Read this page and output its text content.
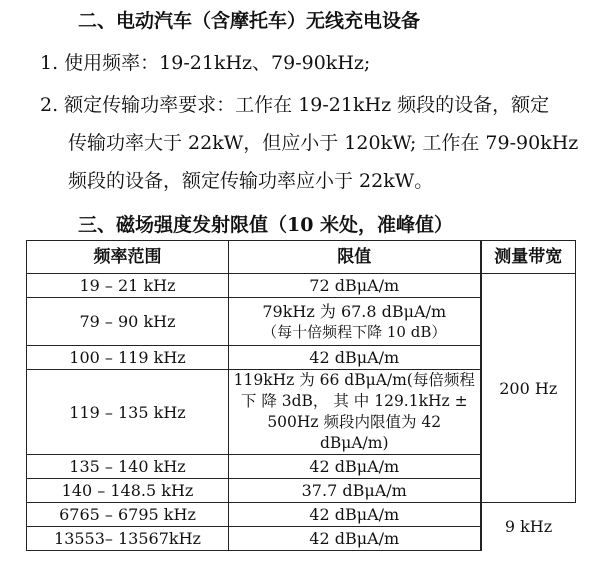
二、电动汽车（含摩托车）无线充电设备
1. 使用频率：19-21kHz、79-90kHz;
2. 额定传输功率要求：工作在 19-21kHz 频段的设备，额定
传输功率大于 22kW，但应小于 120kW; 工作在 79-90kHz
频段的设备，额定传输功率应小于 22kW。
三、磁场强度发射限值（10 米处，准峰值）
频率范围	限值	测量带宽
19 – 21 kHz	72 dBμA/m	200 Hz
79 – 90 kHz	79kHz 为 67.8 dBμA/m
（每十倍频程下降 10 dB）	

100 – 119 kHz	42 dBμA/m	
119 – 135 kHz	119kHz 为 66 dBμA/m(每倍频程
下 降 3dB， 其 中 129.1kHz ±
500Hz 频段内限值为 42 dBμA/m)	

135 – 140 kHz	42 dBμA/m	
140 – 148.5 kHz	37.7 dBμA/m	
6765 – 6795 kHz	42 dBμA/m	9 kHz
13553– 13567kHz	42 dBμA/m	
